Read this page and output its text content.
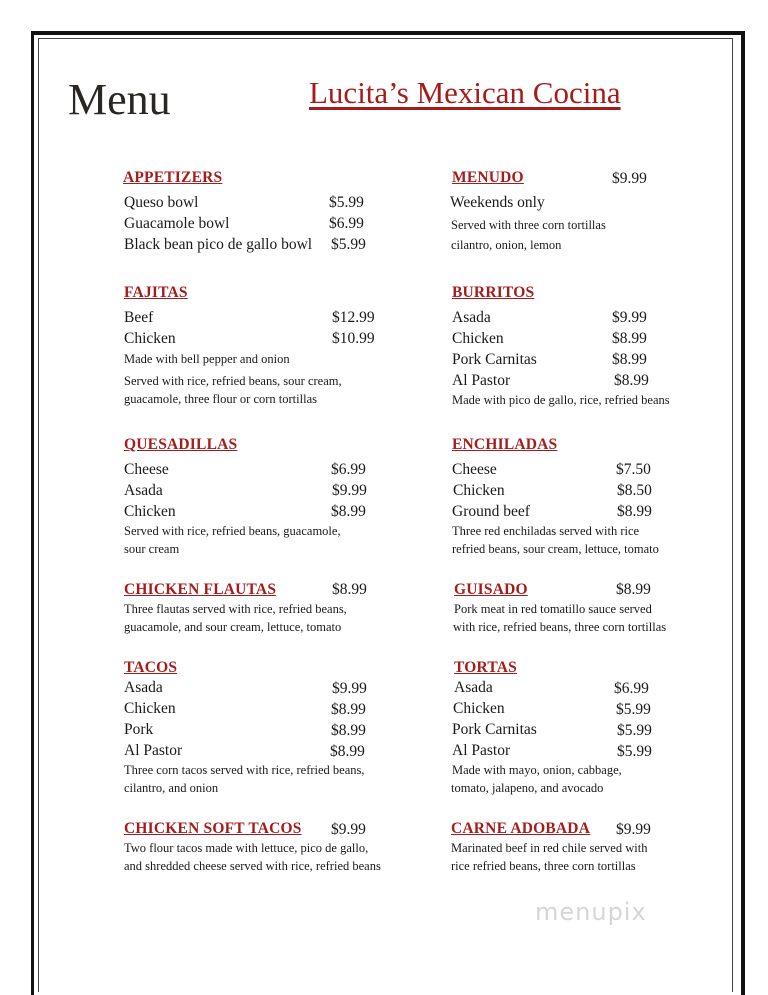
Menu	Lucita’s Mexican Cocina
APPETIZERS
Queso bowl	$5.99
Guacamole bowl	$6.99
Black bean pico de gallo bowl $5.99
MENUDO	$9.99
Weekends only
Served with three corn tortillas
cilantro, onion, lemon
FAJITAS
Beef	$12.99
Chicken	$10.99
Made with bell pepper and onion
Served with rice, refried beans, sour cream,
guacamole, three flour or corn tortillas
BURRITOS
Asada	$9.99
Chicken	$8.99
Pork Carnitas	$8.99
Al Pastor	$8.99
Made with pico de gallo, rice, refried beans
QUESADILLAS
Cheese	$6.99
Asada	$9.99
Chicken	$8.99
Served with rice, refried beans, guacamole,
sour cream
ENCHILADAS
Cheese	$7.50
Chicken	$8.50
Ground beef	$8.99
Three red enchiladas served with rice
refried beans, sour cream, lettuce, tomato
CHICKEN FLAUTAS	$8.99
Three flautas served with rice, refried beans,
guacamole, and sour cream, lettuce, tomato
GUISADO	$8.99
Pork meat in red tomatillo sauce served
with rice, refried beans, three corn tortillas
TACOS
Asada	$9.99
Chicken	$8.99
Pork	$8.99
Al Pastor	$8.99
Three corn tacos served with rice, refried beans,
cilantro, and onion
TORTAS
Asada	$6.99
Chicken	$5.99
Pork Carnitas	$5.99
Al Pastor	$5.99
Made with mayo, onion, cabbage,
tomato, jalapeno, and avocado
CHICKEN SOFT TACOS $9.99
Two flour tacos made with lettuce, pico de gallo,
and shredded cheese served with rice, refried beans
CARNE ADOBADA $9.99
Marinated beef in red chile served with
rice refried beans, three corn tortillas
menupix
